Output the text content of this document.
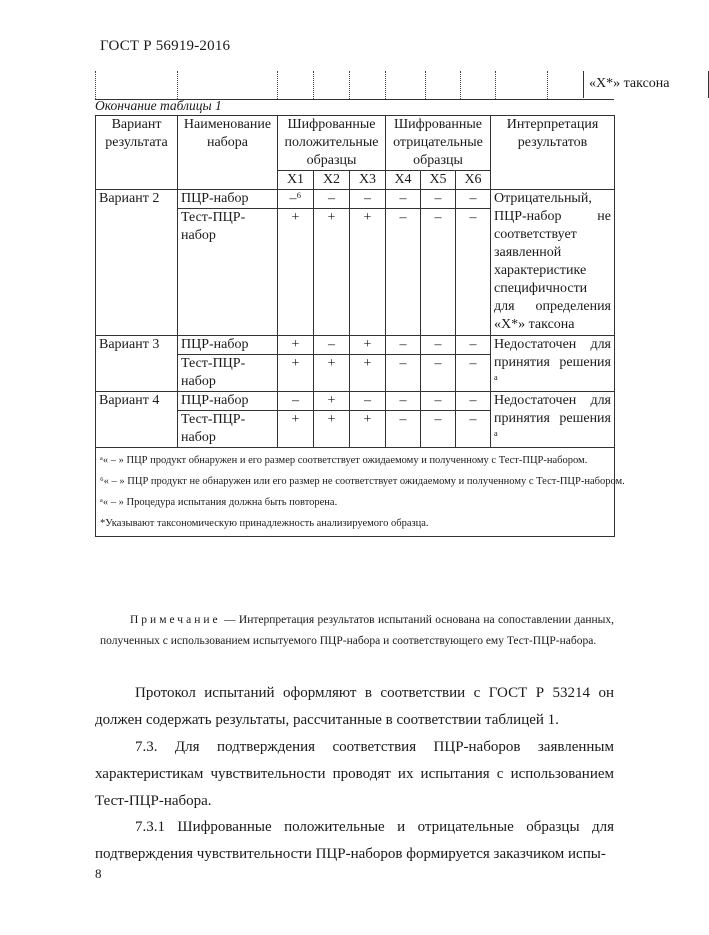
ГОСТ Р 56919-2016
«X*» таксона
Окончание таблицы 1
Вариант результата	Наименование набора	Шифрованные положительные образцы			Шифрованные отрицательные образцы			Интерпретация результатов
		X1	X2	X3	X4	X5	X6	
Вариант 2	ПЦР-набор	–⁶	–	–	–	–	–	Отрицательный, ПЦР-набор не соответствует заявленной характеристике специфичности для определения «X*» таксона
	Тест-ПЦР-набор	+	+	+	–	–	–	
Вариант 3	ПЦР-набор	+	–	+	–	–	–	Недостаточен для принятия решения ᵃ
	Тест-ПЦР-набор	+	+	+	–	–	–	
Вариант 4	ПЦР-набор	–	+	–	–	–	–	Недостаточен для принятия решения ᵃ
	Тест-ПЦР-набор	+	+	+	–	–	–	

ᵃ« – » ПЦР продукт обнаружен и его размер соответствует ожидаемому и полученному с Тест-ПЦР-набором.
⁶« – » ПЦР продукт не обнаружен или его размер не соответствует ожидаемому и полученному с Тест-ПЦР-набором.
ᵃ« – » Процедура испытания должна быть повторена.
*Указывают таксономическую принадлежность анализируемого образца.								
Примечание — Интерпретация результатов испытаний основана на сопоставлении данных, полученных с использованием испытуемого ПЦР-набора и соответствующего ему Тест-ПЦР-набора.
Протокол испытаний оформляют в соответствии с ГОСТ Р 53214 он должен содержать результаты, рассчитанные в соответствии таблицей 1.
7.3. Для подтверждения соответствия ПЦР-наборов заявленным характеристикам чувствительности проводят их испытания с использованием Тест-ПЦР-набора.
7.3.1 Шифрованные положительные и отрицательные образцы для подтверждения чувствительности ПЦР-наборов формируется заказчиком испы-
8
